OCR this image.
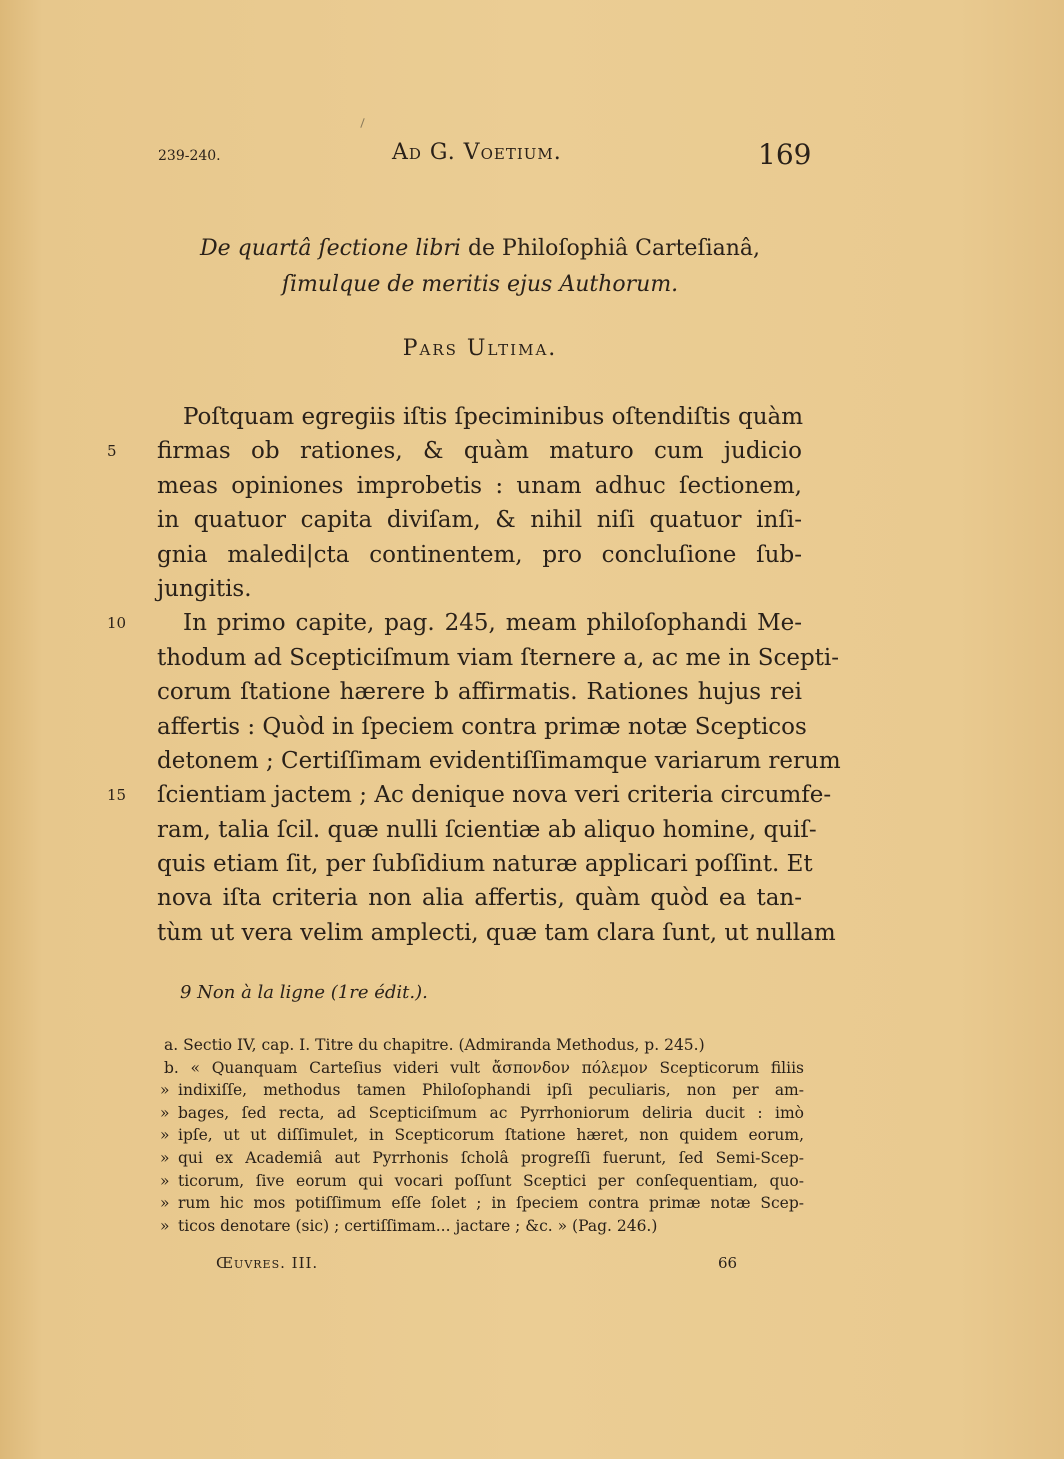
239-240.	Ad G. Voetium.	169
De quartâ ſectione libri de Philoſophiâ Carteſianâ,
ſimulque de meritis ejus Authorum.
Pars Ultima.
Poſtquam egregiis iſtis ſpeciminibus oſtendiſtis quàm
5 firmas ob rationes, & quàm maturo cum judicio
meas opiniones improbetis : unam adhuc ſectionem,
in quatuor capita diviſam, & nihil niſi quatuor inſi-
gnia maledi|cta continentem, pro concluſione ſub-
jungitis.
10 In primo capite, pag. 245, meam philoſophandi Me-
thodum ad Scepticiſmum viam ſternere a, ac me in Scepti-
corum ſtatione hærere b affirmatis. Rationes hujus rei
affertis : Quòd in ſpeciem contra primæ notæ Scepticos
detonem ; Certiſſimam evidentiſſimamque variarum rerum
15 ſcientiam jactem ; Ac denique nova veri criteria circumfe-
ram, talia ſcil. quæ nulli ſcientiæ ab aliquo homine, quiſ-
quis etiam ſit, per ſubſidium naturæ applicari poſſint. Et
nova iſta criteria non alia affertis, quàm quòd ea tan-
tùm ut vera velim amplecti, quæ tam clara ſunt, ut nullam
9 Non à la ligne (1re édit.).
a. Sectio IV, cap. I. Titre du chapitre. (Admiranda Methodus, p. 245.)
b. « Quanquam Carteſius videri vult ἄσπονδον πόλεμον Scepticorum filiis
» indixiſſe, methodus tamen Philoſophandi ipſi peculiaris, non per am-
» bages, ſed recta, ad Scepticiſmum ac Pyrrhoniorum deliria ducit : imò
» ipſe, ut ut diſſimulet, in Scepticorum ſtatione hæret, non quidem eorum,
» qui ex Academiâ aut Pyrrhonis ſcholâ progreſſi fuerunt, ſed Semi-Scep-
» ticorum, ſive eorum qui vocari poſſunt Sceptici per conſequentiam, quo-
» rum hic mos potiſſimum eſſe ſolet ; in ſpeciem contra primæ notæ Scep-
» ticos denotare (sic) ; certiſſimam... jactare ; &c. » (Pag. 246.)
Œuvres. III.	66
